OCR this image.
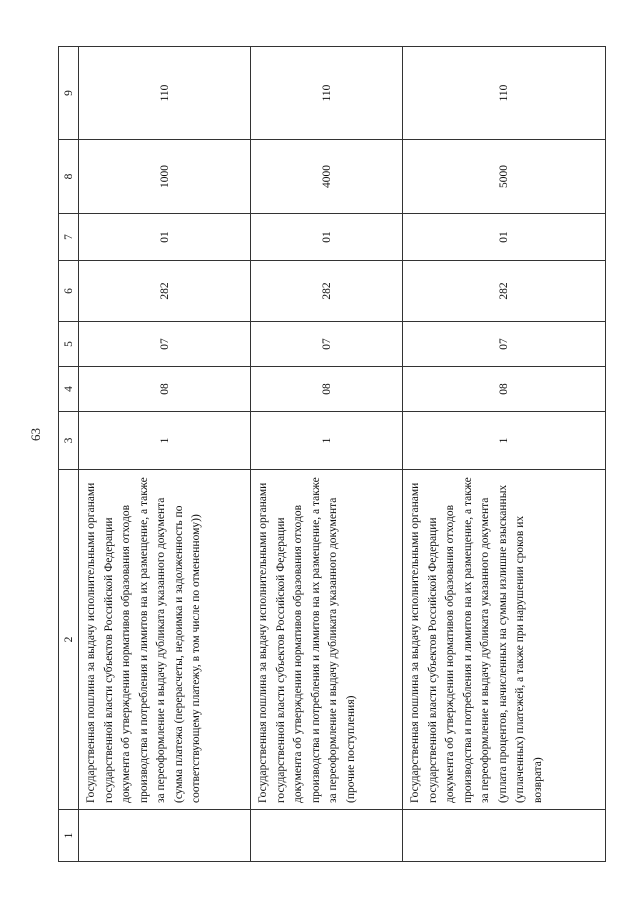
63
1	2	3	4	5	6	7	8	9
	Государственная пошлина за выдачу исполнительными органами государственной власти субъектов Российской Федерации документа об утверждении нормативов образования отходов производства и потребления и лимитов на их размещение, а также за переоформление и выдачу дубликата указанного документа (сумма платежа (перерасчеты, недоимка и задолженность по соответствующему платежу, в том числе по отмененному))	1	08	07	282	01	1000	110
	Государственная пошлина за выдачу исполнительными органами государственной власти субъектов Российской Федерации документа об утверждении нормативов образования отходов производства и потребления и лимитов на их размещение, а также за переоформление и выдачу дубликата указанного документа (прочие поступления)	1	08	07	282	01	4000	110
	Государственная пошлина за выдачу исполнительными органами государственной власти субъектов Российской Федерации документа об утверждении нормативов образования отходов производства и потребления и лимитов на их размещение, а также за переоформление и выдачу дубликата указанного документа (уплата процентов, начисленных на суммы излишне взысканных (уплаченных) платежей, а также при нарушении сроков их возврата)	1	08	07	282	01	5000	110
